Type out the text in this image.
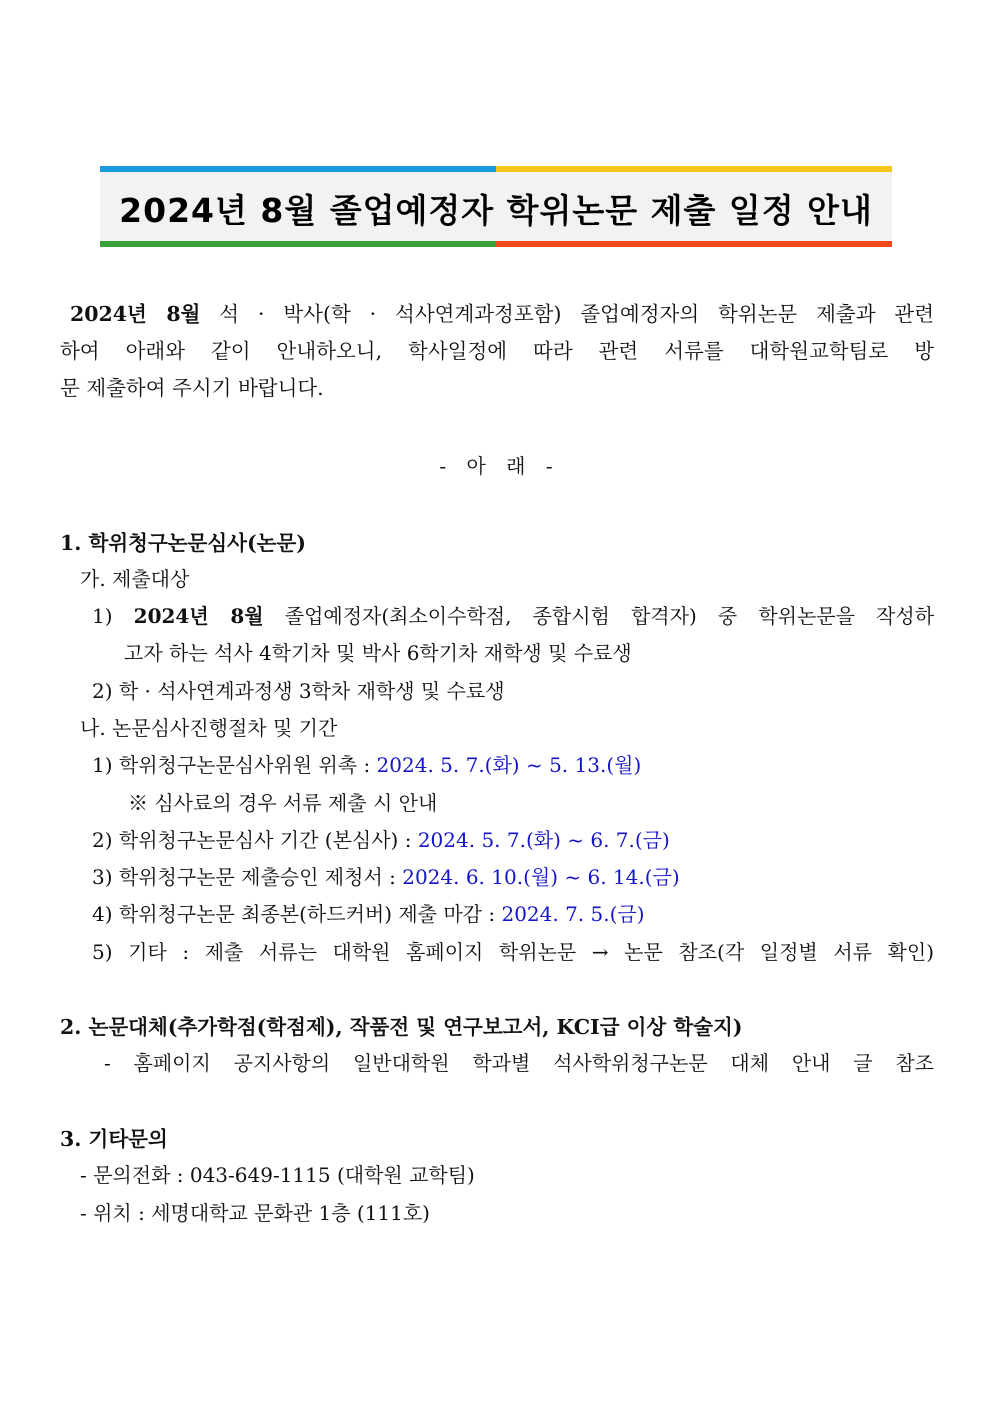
2024년 8월 졸업예정자 학위논문 제출 일정 안내
2024년 8월 석 · 박사(학 · 석사연계과정포함) 졸업예정자의 학위논문 제출과 관련
하여 아래와 같이 안내하오니, 학사일정에 따라 관련 서류를 대학원교학팀로 방
문 제출하여 주시기 바랍니다.
- 아 래 -
1. 학위청구논문심사(논문)
가. 제출대상
1) 2024년 8월 졸업예정자(최소이수학점, 종합시험 합격자) 중 학위논문을 작성하
고자 하는 석사 4학기차 및 박사 6학기차 재학생 및 수료생
2) 학 · 석사연계과정생 3학차 재학생 및 수료생
나. 논문심사진행절차 및 기간
1) 학위청구논문심사위원 위촉 : 2024. 5. 7.(화) ~ 5. 13.(월)
※ 심사료의 경우 서류 제출 시 안내
2) 학위청구논문심사 기간 (본심사) : 2024. 5. 7.(화) ~ 6. 7.(금)
3) 학위청구논문 제출승인 제청서 : 2024. 6. 10.(월) ~ 6. 14.(금)
4) 학위청구논문 최종본(하드커버) 제출 마감 : 2024. 7. 5.(금)
5) 기타 : 제출 서류는 대학원 홈페이지 학위논문 → 논문 참조(각 일정별 서류 확인)
2. 논문대체(추가학점(학점제), 작품전 및 연구보고서, KCI급 이상 학술지)
- 홈페이지 공지사항의 일반대학원 학과별 석사학위청구논문 대체 안내 글 참조
3. 기타문의
- 문의전화 : 043-649-1115 (대학원 교학팀)
- 위치 : 세명대학교 문화관 1층 (111호)
